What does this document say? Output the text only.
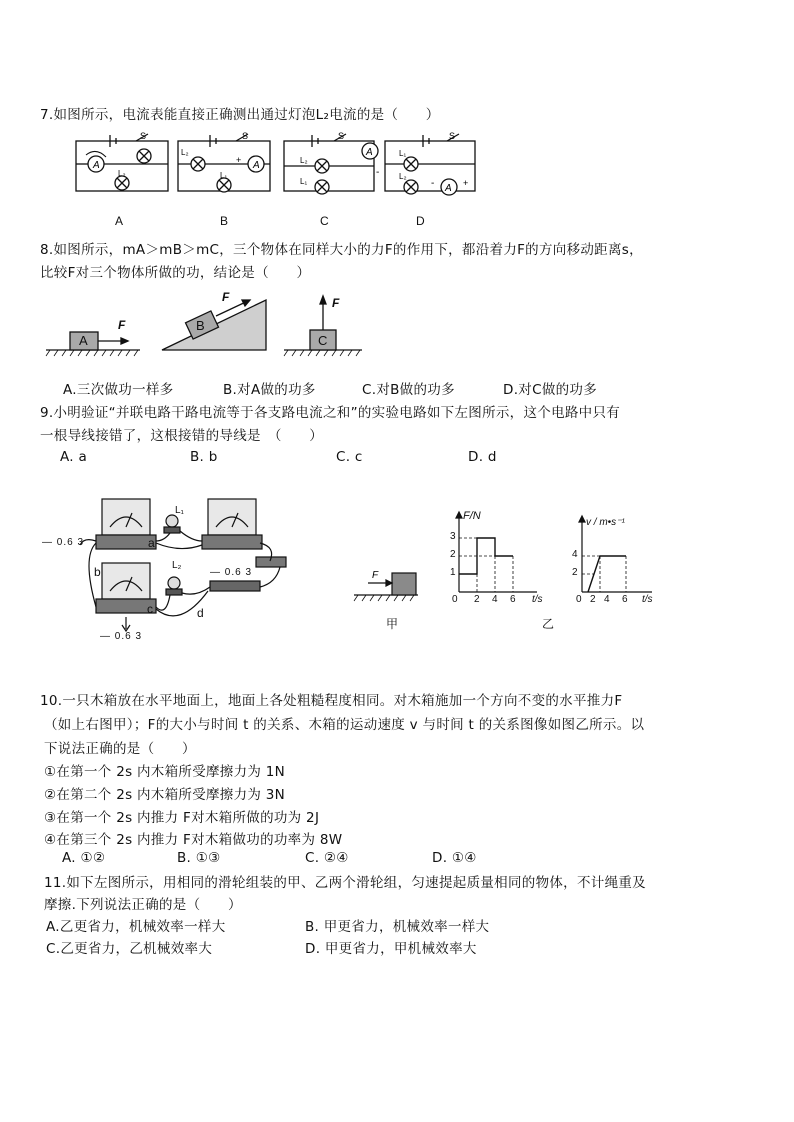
7.如图所示，电流表能直接正确测出通过灯泡L₂电流的是（　　）
A
S
L₂
A
A
S
L₂
L₁
+
B
A
S
L₂
L₁
-
C
A
S
L₁
L₂
-	+
D
8.如图所示，mA＞mB＞mC，三个物体在同样大小的力F的作用下，都沿着力F的方向移动距离s，
比较F对三个物体所做的功，结论是（　　）
A
B
C
F
F	F
A.三次做功一样多	B.对A做的功多	C.对B做的功多	D.对C做的功多
9.小明验证“并联电路干路电流等于各支路电流之和”的实验电路如下左图所示，这个电路中只有
一根导线接错了，这根接错的导线是　（　　）
A. a	B. b	C. c	D. d
— 0.6 3
— 0.6 3
— 0.6 3
a
b
c	d
L₁
L₂
F
甲
F/N
3
2
1
0 2 4 6 t/s
v / m•s⁻¹
4
2
0 2 4 6 t/s
乙
10.一只木箱放在水平地面上，地面上各处粗糙程度相同。对木箱施加一个方向不变的水平推力F
（如上右图甲）；F的大小与时间 t 的关系、木箱的运动速度 v 与时间 t 的关系图像如图乙所示。以
下说法正确的是（　　）
①在第一个 2s 内木箱所受摩擦力为 1N
②在第二个 2s 内木箱所受摩擦力为 3N
③在第一个 2s 内推力 F对木箱所做的功为 2J
④在第三个 2s 内推力 F对木箱做功的功率为 8W
A. ①②	B. ①③	C. ②④	D. ①④
11.如下左图所示，用相同的滑轮组装的甲、乙两个滑轮组，匀速提起质量相同的物体，不计绳重及
摩擦.下列说法正确的是（　　）
A.乙更省力，机械效率一样大	B. 甲更省力，机械效率一样大
C.乙更省力，乙机械效率大	D. 甲更省力，甲机械效率大
